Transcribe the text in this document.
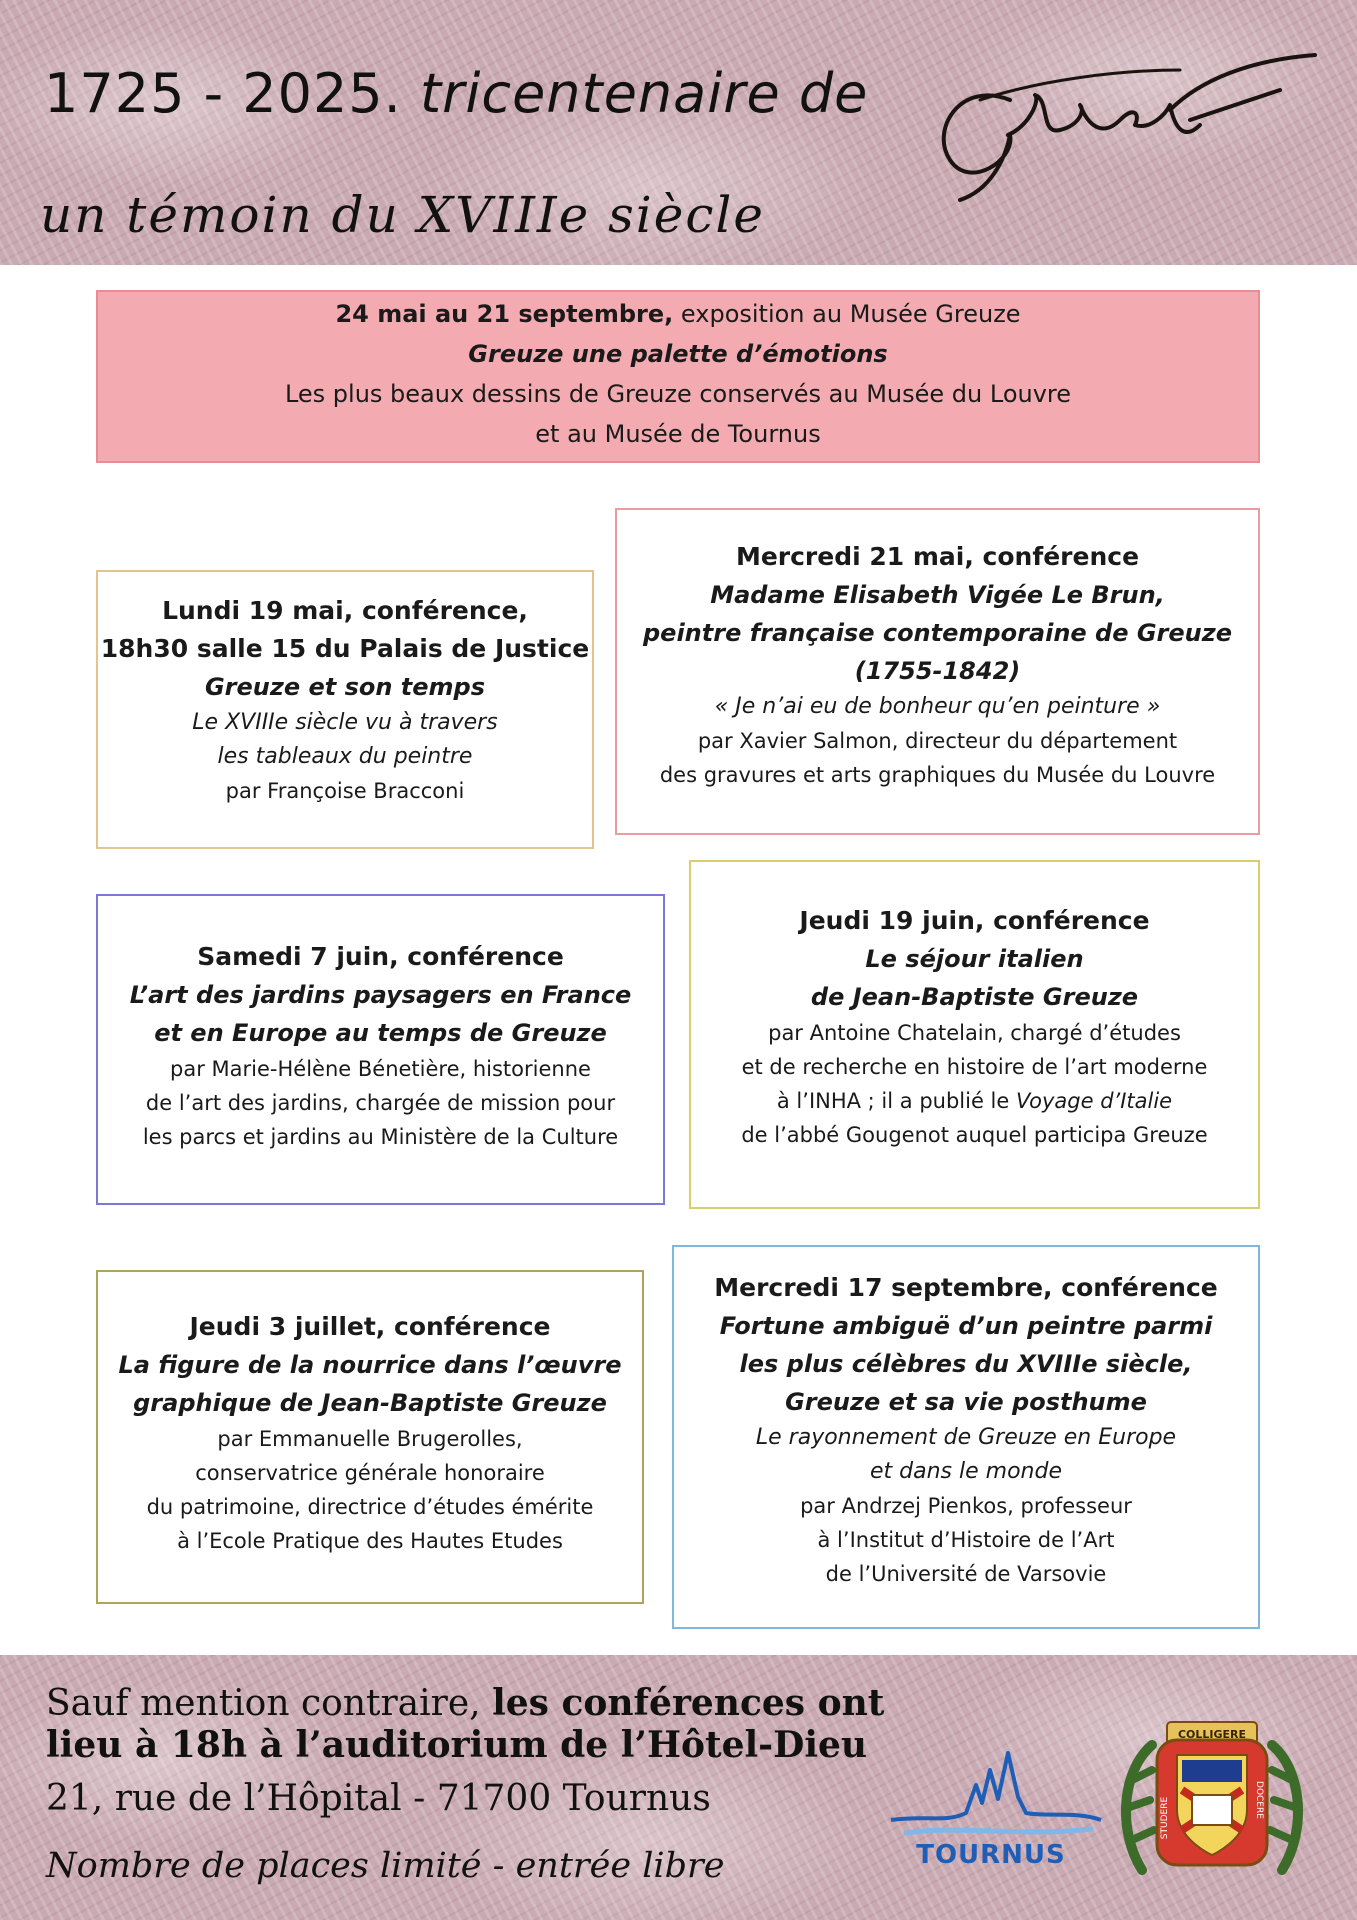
1725 - 2025. tricentenaire de
un témoin du XVIIIe siècle
24 mai au 21 septembre, exposition au Musée Greuze
Greuze une palette d’émotions
Les plus beaux dessins de Greuze conservés au Musée du Louvre
et au Musée de Tournus
Lundi 19 mai, conférence,
18h30 salle 15 du Palais de Justice
Greuze et son temps
Le XVIIIe siècle vu à travers
les tableaux du peintre
par Françoise Bracconi
Mercredi 21 mai, conférence
Madame Elisabeth Vigée Le Brun,
peintre française contemporaine de Greuze
(1755-1842)
« Je n’ai eu de bonheur qu’en peinture »
par Xavier Salmon, directeur du département
des gravures et arts graphiques du Musée du Louvre
Samedi 7 juin, conférence
L’art des jardins paysagers en France
et en Europe au temps de Greuze
par Marie-Hélène Bénetière, historienne
de l’art des jardins, chargée de mission pour
les parcs et jardins au Ministère de la Culture
Jeudi 19 juin, conférence
Le séjour italien
de Jean-Baptiste Greuze
par Antoine Chatelain, chargé d’études
et de recherche en histoire de l’art moderne
à l’INHA ; il a publié le Voyage d’Italie
de l’abbé Gougenot auquel participa Greuze
Jeudi 3 juillet, conférence
La figure de la nourrice dans l’œuvre
graphique de Jean-Baptiste Greuze
par Emmanuelle Brugerolles,
conservatrice générale honoraire
du patrimoine, directrice d’études émérite
à l’Ecole Pratique des Hautes Etudes
Mercredi 17 septembre, conférence
Fortune ambiguë d’un peintre parmi
les plus célèbres du XVIIIe siècle,
Greuze et sa vie posthume
Le rayonnement de Greuze en Europe
et dans le monde
par Andrzej Pienkos, professeur
à l’Institut d’Histoire de l’Art
de l’Université de Varsovie
Sauf mention contraire, les conférences ont
lieu à 18h à l’auditorium de l’Hôtel-Dieu
21, rue de l’Hôpital - 71700 Tournus
Nombre de places limité - entrée libre	TOURNUS
COLLIGERE
STUDERE	DOCERE
